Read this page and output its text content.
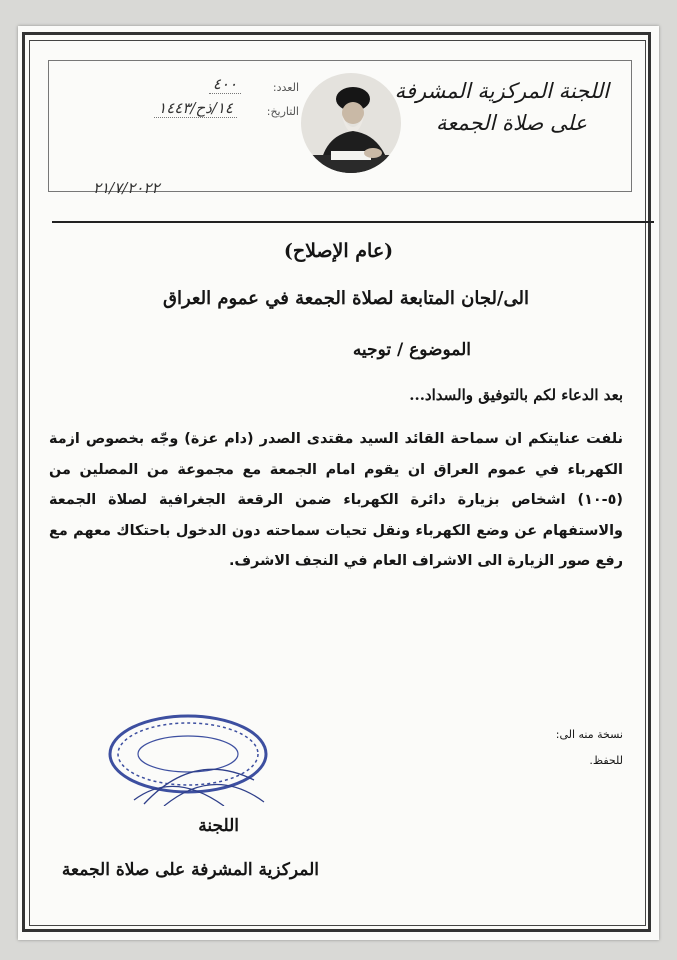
اللجنة المركزية المشرفة
على صلاة الجمعة
العدد:
٤٠٠
التاريخ:
١٤/ذح/١٤٤٣
٢١/٧/٢٠٢٢
(عام الإصلاح)
الى/لجان المتابعة لصلاة الجمعة في عموم العراق
الموضوع / توجيه
بعد الدعاء لكم بالتوفيق والسداد...
نلفت عنايتكم ان سماحة القائد السيد مقتدى الصدر (دام عزة) وجّه بخصوص ازمة الكهرباء في عموم العراق ان يقوم امام الجمعة مع مجموعة من المصلين من (٥-١٠) اشخاص بزيارة دائرة الكهرباء ضمن الرقعة الجغرافية لصلاة الجمعة والاستفهام عن وضع الكهرباء ونقل تحيات سماحته دون الدخول باحتكاك معهم مع رفع صور الزيارة الى الاشراف العام في النجف الاشرف.
نسخة منه الى:
للحفظ.
اللجنة
المركزية المشرفة على صلاة الجمعة
